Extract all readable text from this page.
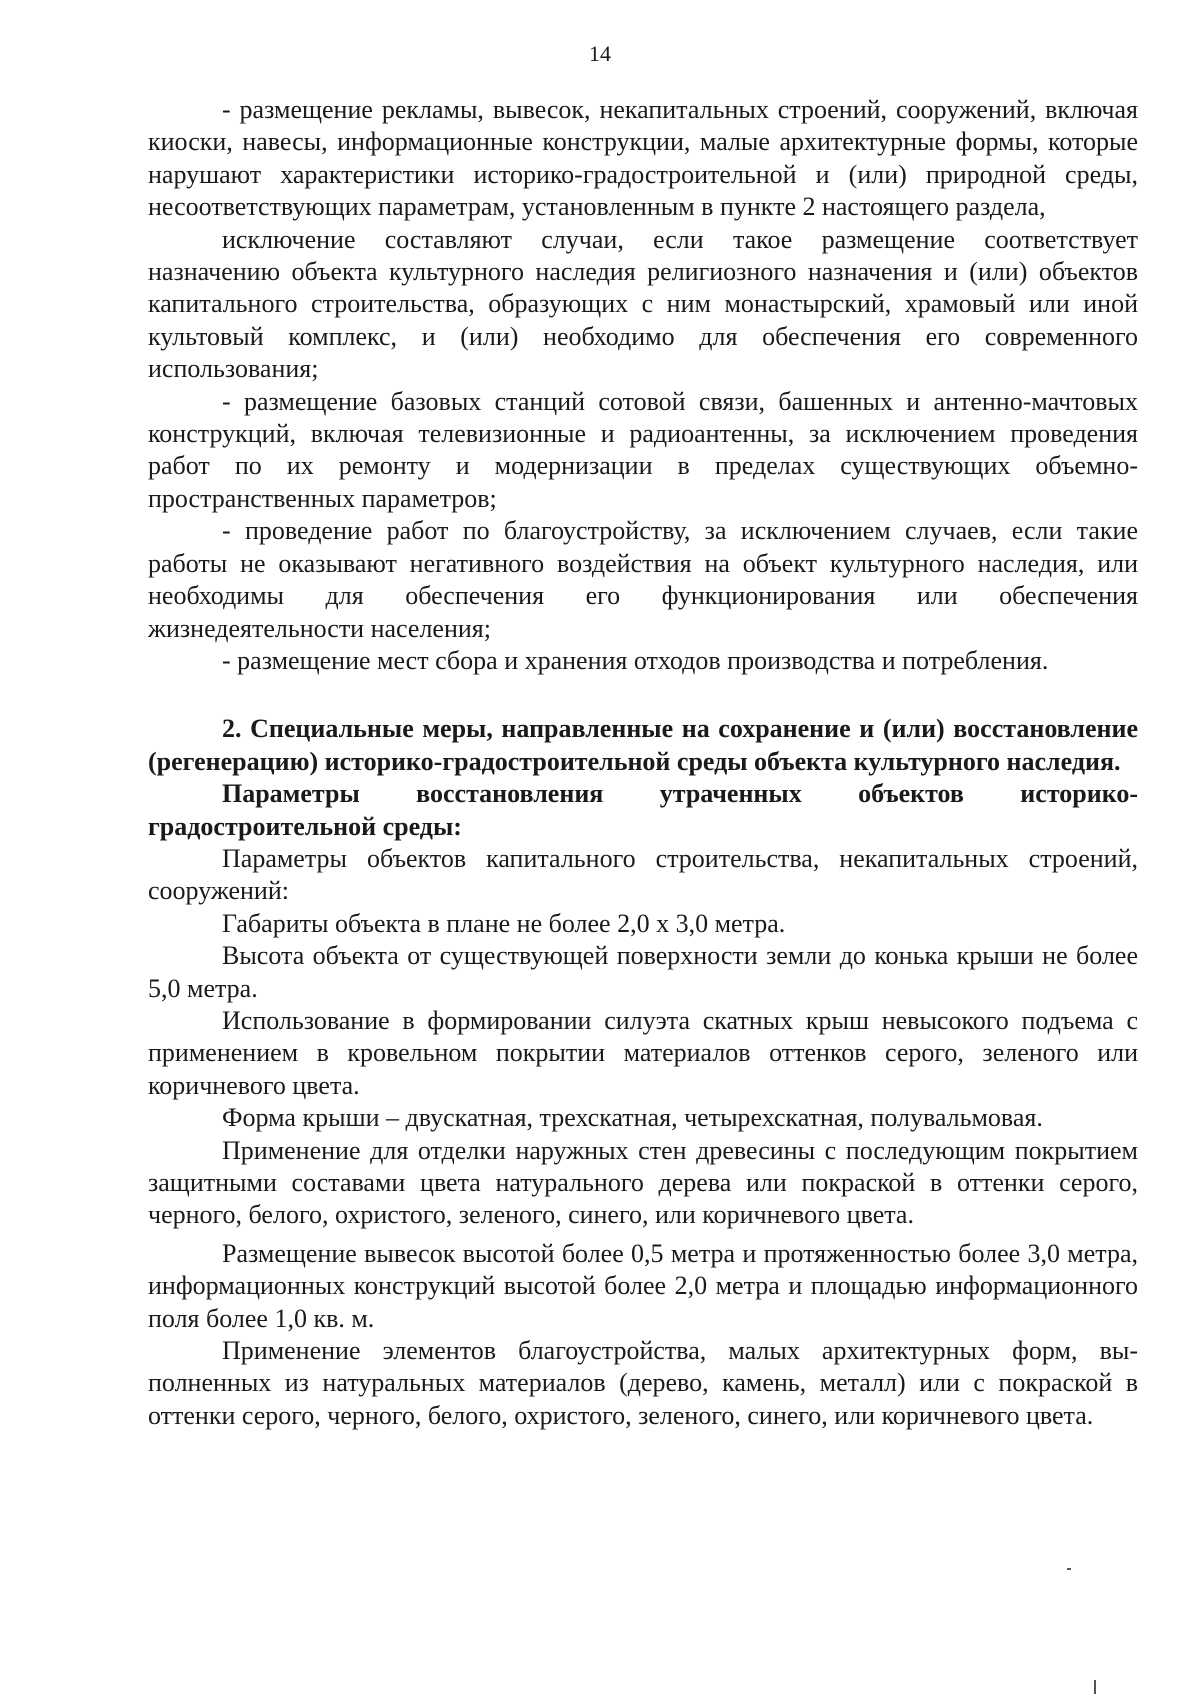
14

- размещение рекламы, вывесок, некапитальных строений, сооружений, включая киоски, навесы, информационные конструкции, малые архитектурные формы, которые нарушают характеристики историко-градостроительной и (или) природной среды, несоответствующих параметрам, установленным в пункте 2 настоящего раздела,

исключение составляют случаи, если такое размещение соответствует назначению объекта культурного наследия религиозного назначения и (или) объектов капитального строительства, образующих с ним монастырский, храмовый или иной культовый комплекс, и (или) необходимо для обеспечения его современного использования;

- размещение базовых станций сотовой связи, башенных и антенно-мачтовых конструкций, включая телевизионные и радиоантенны, за исключением проведения работ по их ремонту и модернизации в пределах существующих объемно-пространственных параметров;

- проведение работ по благоустройству, за исключением случаев, если такие работы не оказывают негативного воздействия на объект культурного наследия, или необходимы для обеспечения его функционирования или обеспечения жизнедеятельности населения;

- размещение мест сбора и хранения отходов производства и потребления.

2. Специальные меры, направленные на сохранение и (или) восстановление (регенерацию) историко-градостроительной среды объекта культурного наследия.

Параметры восстановления утраченных объектов историко-градостроительной среды:

Параметры объектов капитального строительства, некапитальных строений, сооружений:

Габариты объекта в плане не более 2,0 х 3,0 метра.

Высота объекта от существующей поверхности земли до конька крыши не более 5,0 метра.

Использование в формировании силуэта скатных крыш невысокого подъема с применением в кровельном покрытии материалов оттенков серого, зеленого или коричневого цвета.

Форма крыши – двускатная, трехскатная, четырехскатная, полувальмовая.

Применение для отделки наружных стен древесины с последующим покрытием защитными составами цвета натурального дерева или покраской в оттенки серого, черного, белого, охристого, зеленого, синего, или коричневого цвета.

Размещение вывесок высотой более 0,5 метра и протяженностью более 3,0 метра, информационных конструкций высотой более 2,0 метра и площадью информационного поля более 1,0 кв. м.

Применение элементов благоустройства, малых архитектурных форм, выполненных из натуральных материалов (дерево, камень, металл) или с покраской в оттенки серого, черного, белого, охристого, зеленого, синего, или коричневого цвета.
